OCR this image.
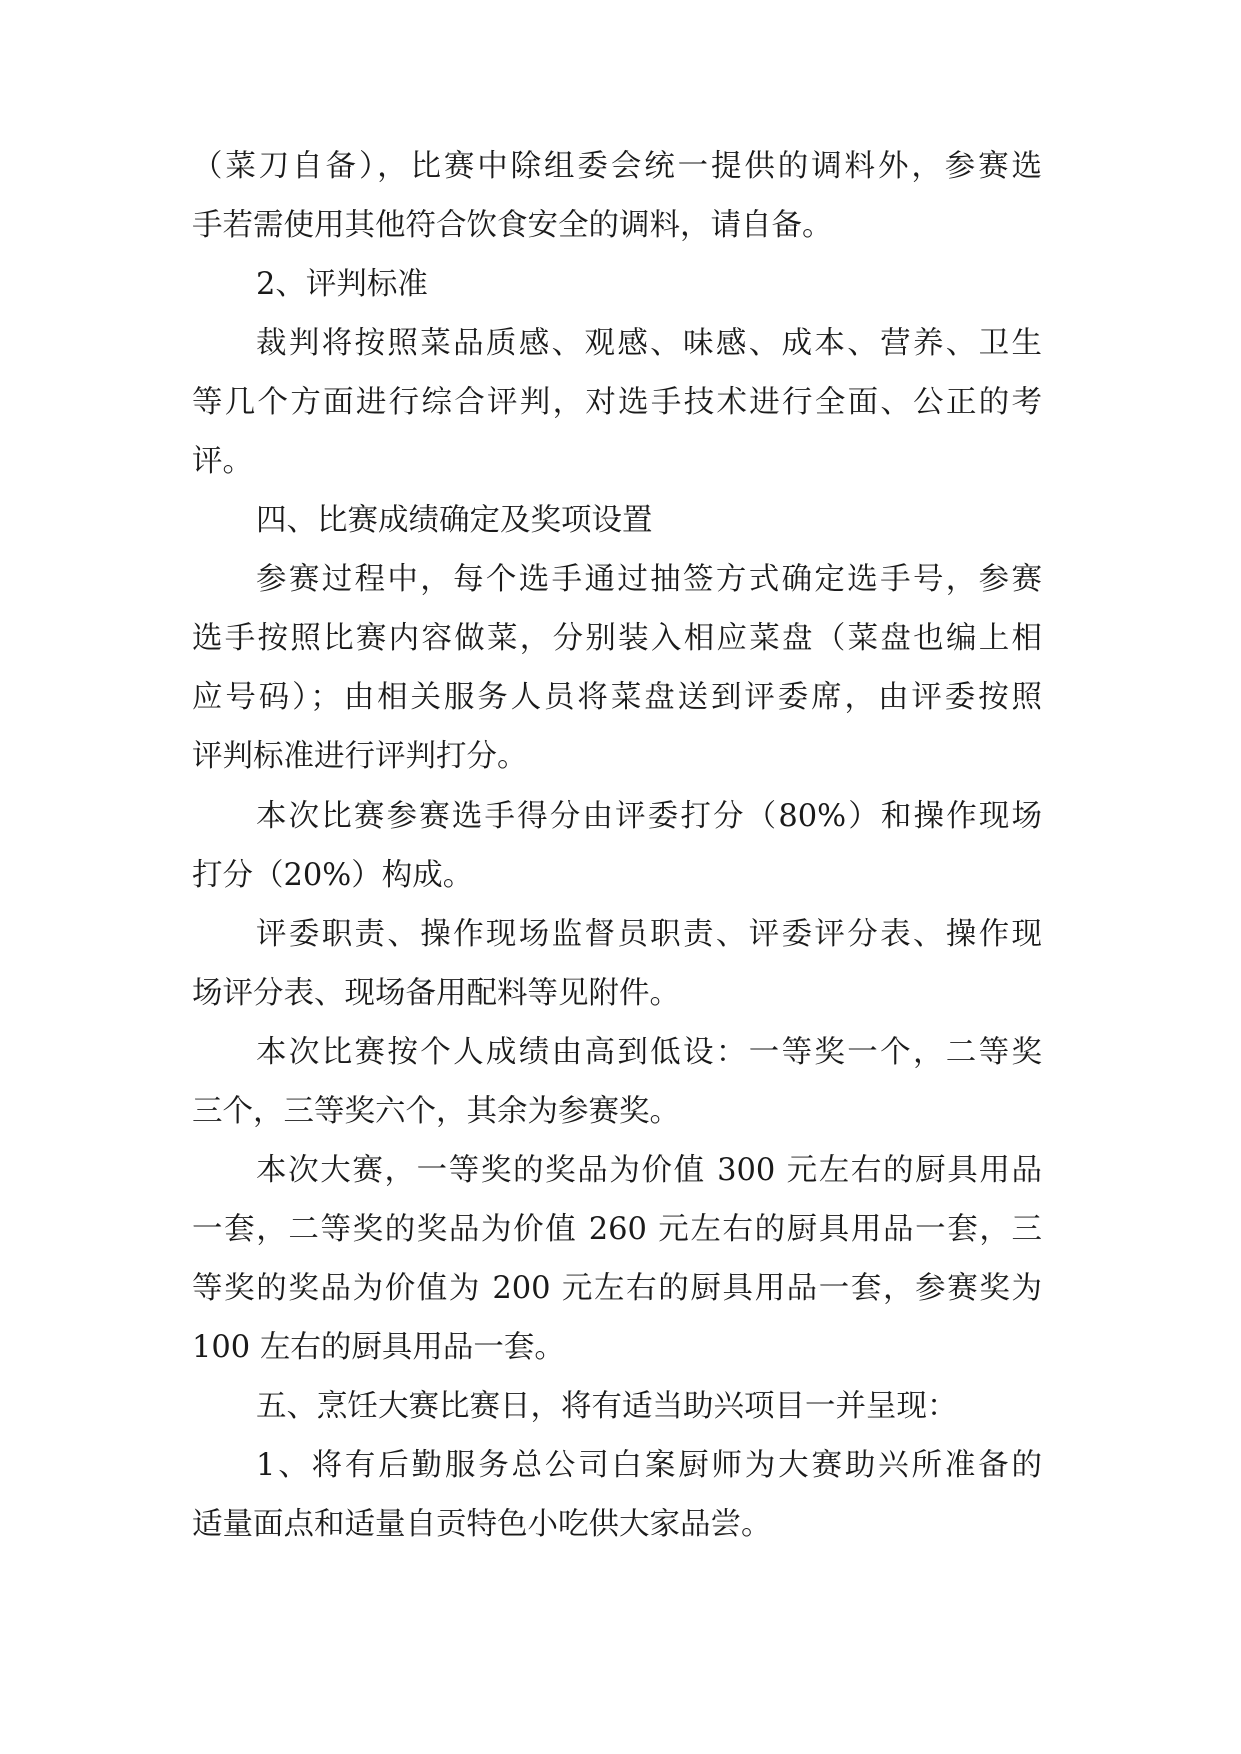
（菜刀自备），比赛中除组委会统一提供的调料外，参赛选
手若需使用其他符合饮食安全的调料，请自备。
2、评判标准
裁判将按照菜品质感、观感、味感、成本、营养、卫生
等几个方面进行综合评判，对选手技术进行全面、公正的考
评。
四、比赛成绩确定及奖项设置
参赛过程中，每个选手通过抽签方式确定选手号，参赛
选手按照比赛内容做菜，分别装入相应菜盘（菜盘也编上相
应号码）；由相关服务人员将菜盘送到评委席，由评委按照
评判标准进行评判打分。
本次比赛参赛选手得分由评委打分（80%）和操作现场
打分（20%）构成。
评委职责、操作现场监督员职责、评委评分表、操作现
场评分表、现场备用配料等见附件。
本次比赛按个人成绩由高到低设：一等奖一个，二等奖
三个，三等奖六个，其余为参赛奖。
本次大赛，一等奖的奖品为价值 300 元左右的厨具用品
一套，二等奖的奖品为价值 260 元左右的厨具用品一套，三
等奖的奖品为价值为 200 元左右的厨具用品一套，参赛奖为
100 左右的厨具用品一套。
五、烹饪大赛比赛日，将有适当助兴项目一并呈现：
1、将有后勤服务总公司白案厨师为大赛助兴所准备的
适量面点和适量自贡特色小吃供大家品尝。
